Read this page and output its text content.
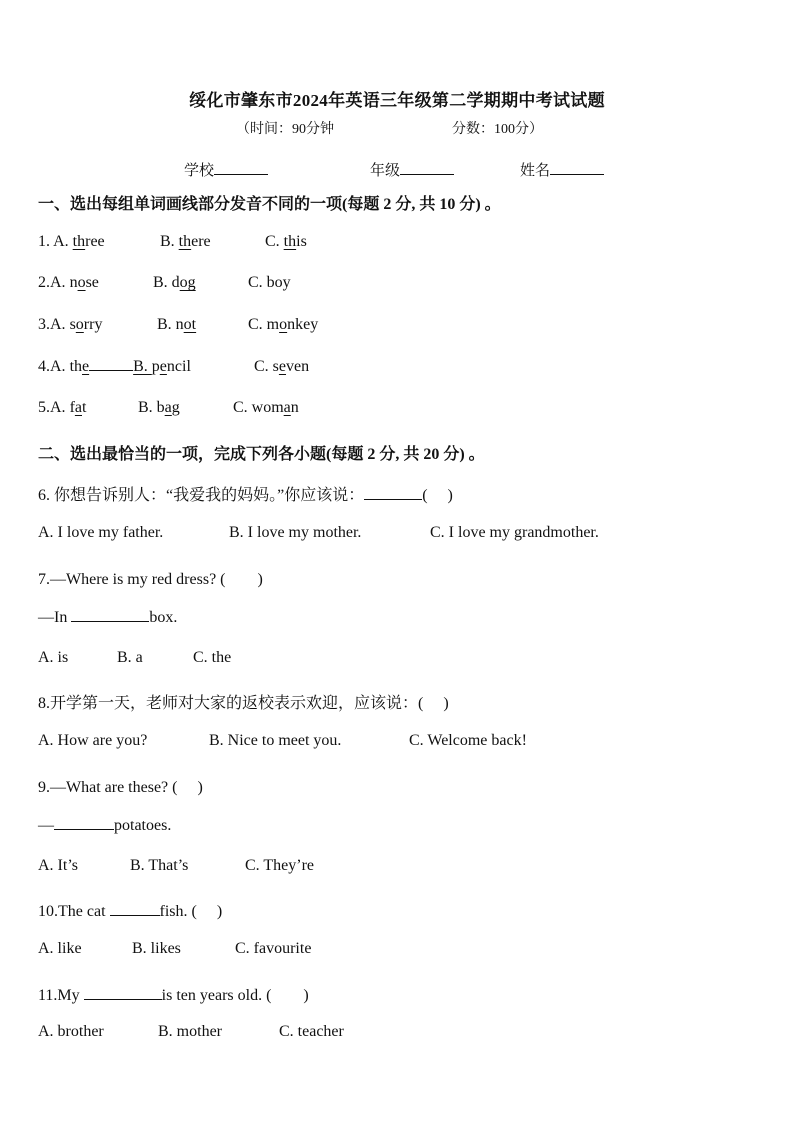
绥化市肇东市2024年英语三年级第二学期期中考试试题
（时间：90分钟	分数：100分）
学校	年级	姓名
一、选出每组单词画线部分发音不同的一项(每题 2 分, 共 10 分) 。
1. A. three	B. there	C. this
2.A. nose	B. dog	C. boy
3.A. sorry	B. not	C. monkey
4.A. the	B. pencil	C. seven
5.A. fat	B. bag	C. woman
二、选出最恰当的一项，完成下列各小题(每题 2 分, 共 20 分) 。
6. 你想告诉别人：“我爱我的妈妈。”你应该说：	(　 )
A. I love my father.	B. I love my mother.	C. I love my grandmother.
7.—Where is my red dress? (　　)
—In	box.
A. is	B. a	C. the
8.开学第一天，老师对大家的返校表示欢迎，应该说：(　 )
A. How are you?	B. Nice to meet you.	C. Welcome back!
9.—What are these? (　 )
—	potatoes.
A. It’s	B. That’s	C. They’re
10.The cat	fish. (　 )
A. like	B. likes	C. favourite
11.My	is ten years old. (　　)
A. brother	B. mother	C. teacher
